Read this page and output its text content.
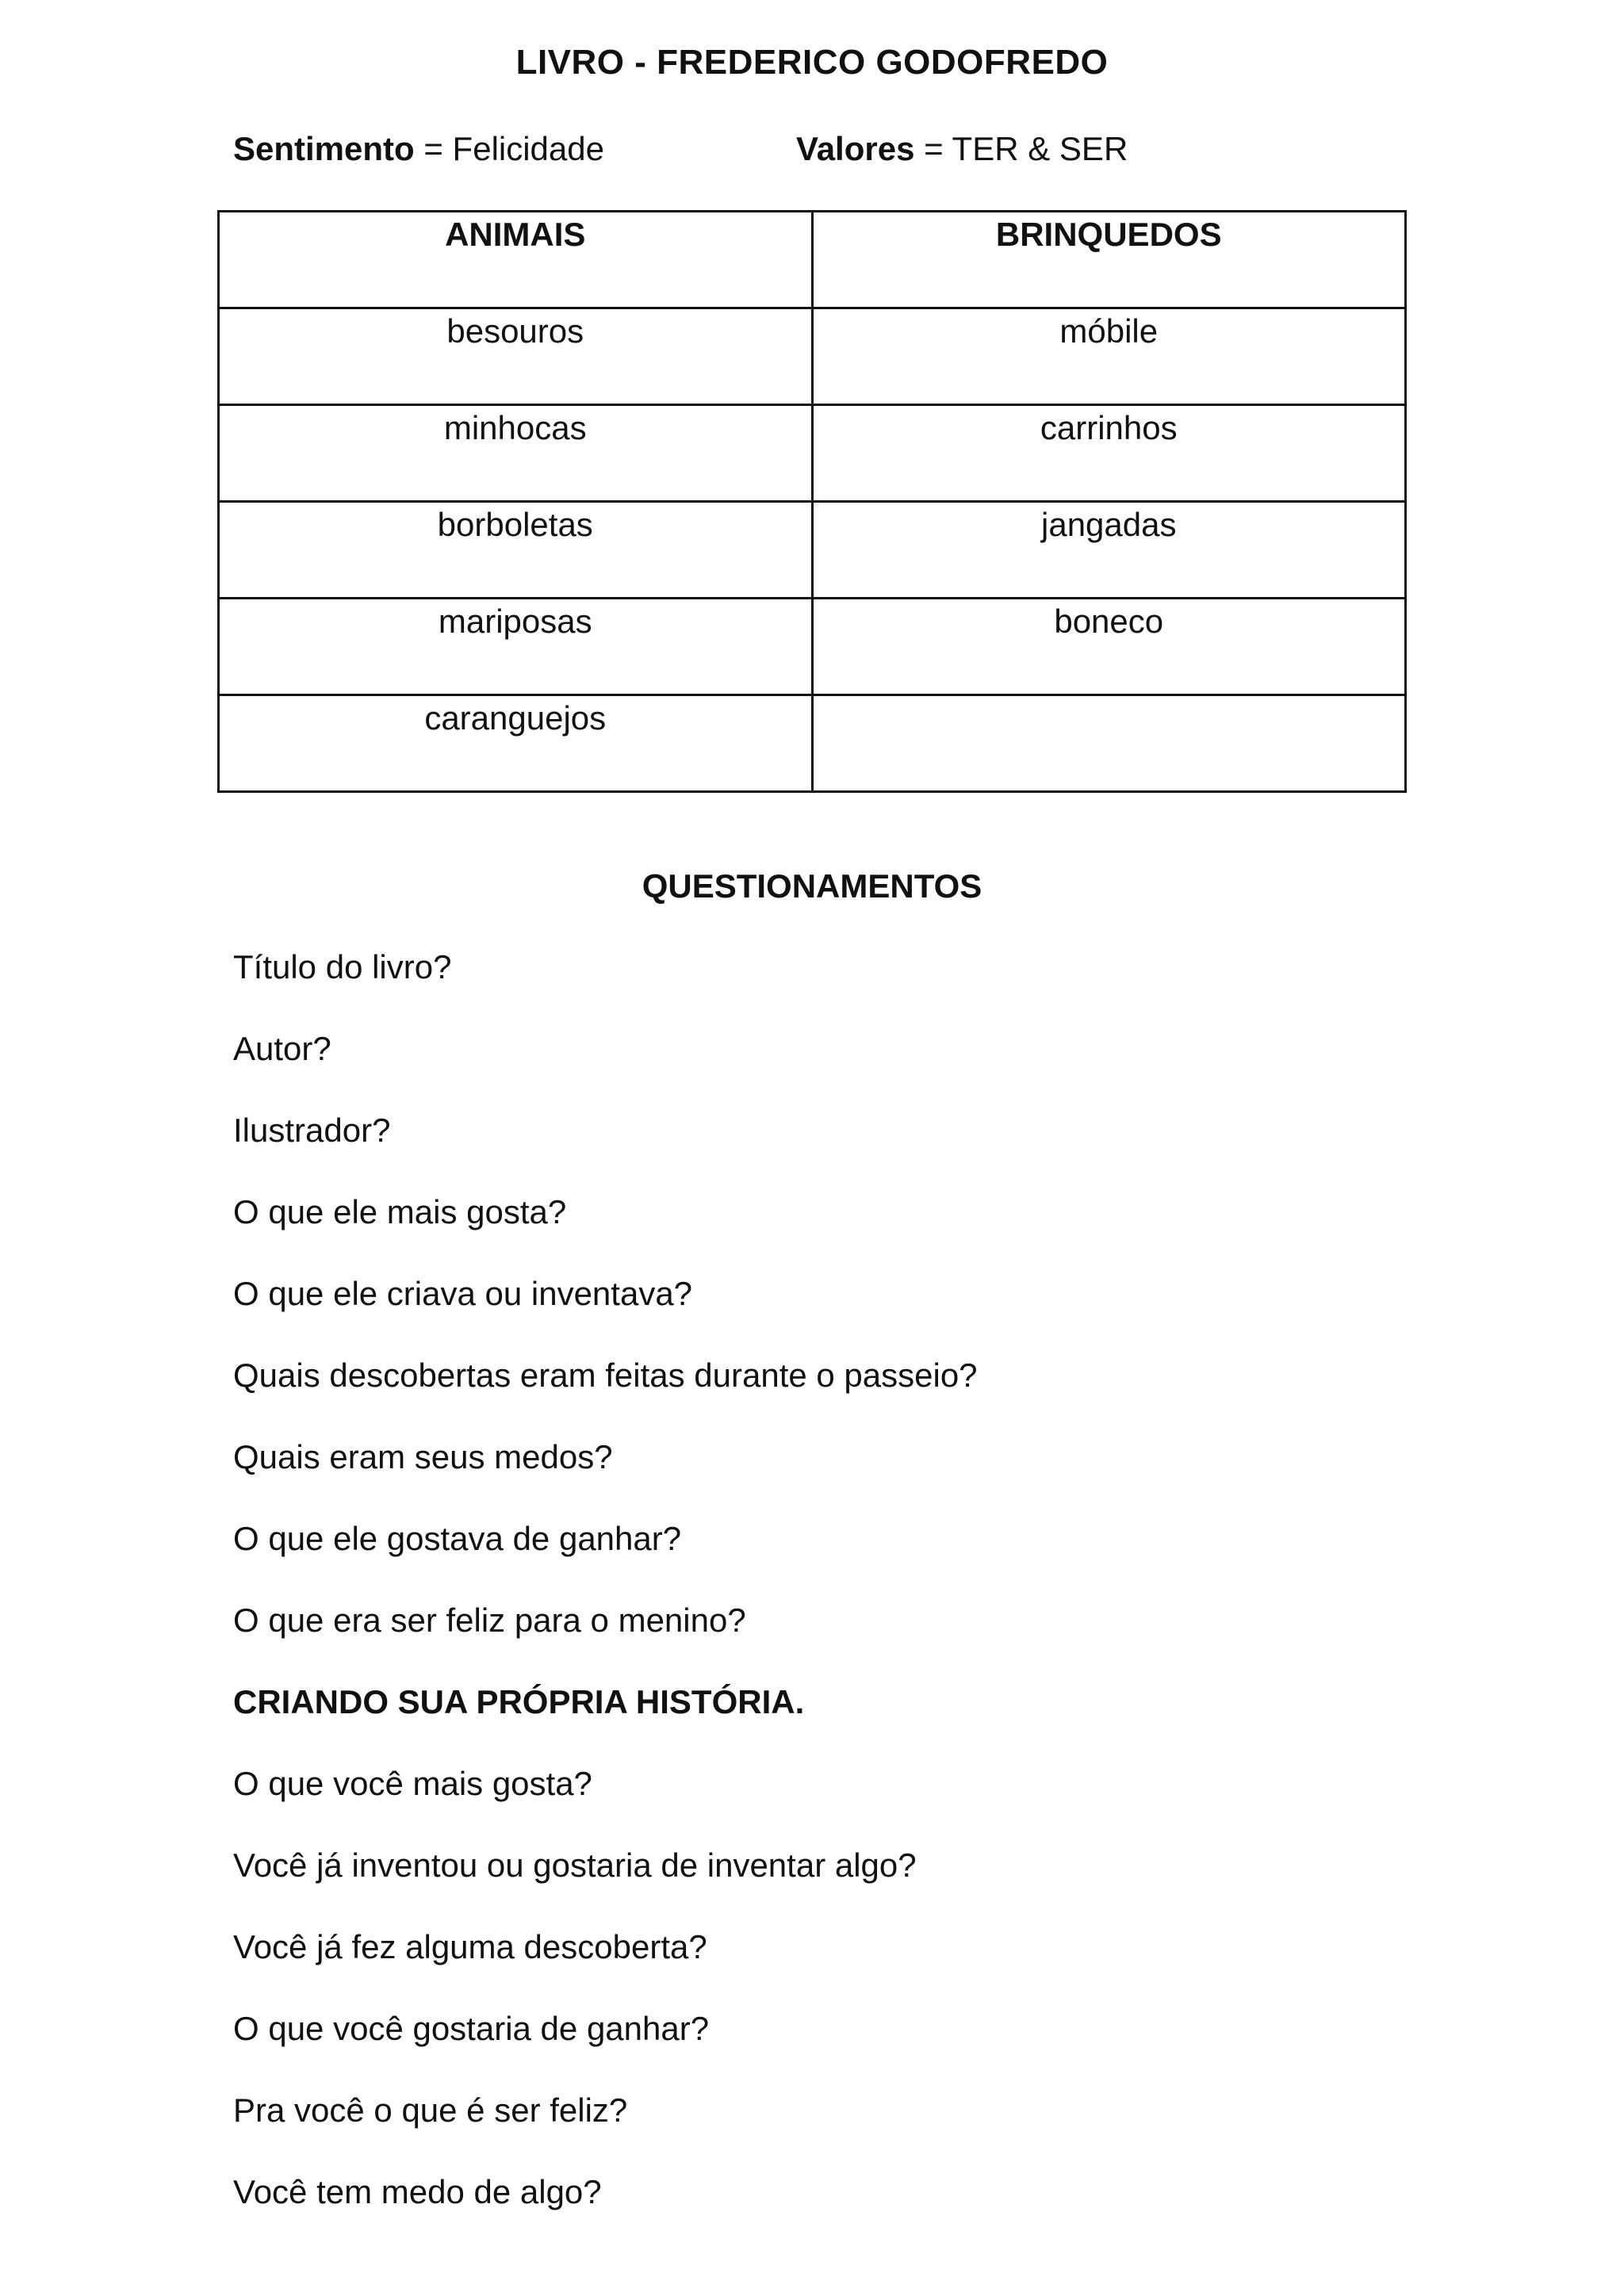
LIVRO - FREDERICO GODOFREDO
Sentimento = Felicidade	Valores = TER & SER
ANIMAIS	BRINQUEDOS
besouros	móbile
minhocas	carrinhos
borboletas	jangadas
mariposas	boneco
caranguejos	
QUESTIONAMENTOS
Título do livro?
Autor?
Ilustrador?
O que ele mais gosta?
O que ele criava ou inventava?
Quais descobertas eram feitas durante o passeio?
Quais eram seus medos?
O que ele gostava de ganhar?
O que era ser feliz para o menino?
CRIANDO SUA PRÓPRIA HISTÓRIA.
O que você mais gosta?
Você já inventou ou gostaria de inventar algo?
Você já fez alguma descoberta?
O que você gostaria de ganhar?
Pra você o que é ser feliz?
Você tem medo de algo?
